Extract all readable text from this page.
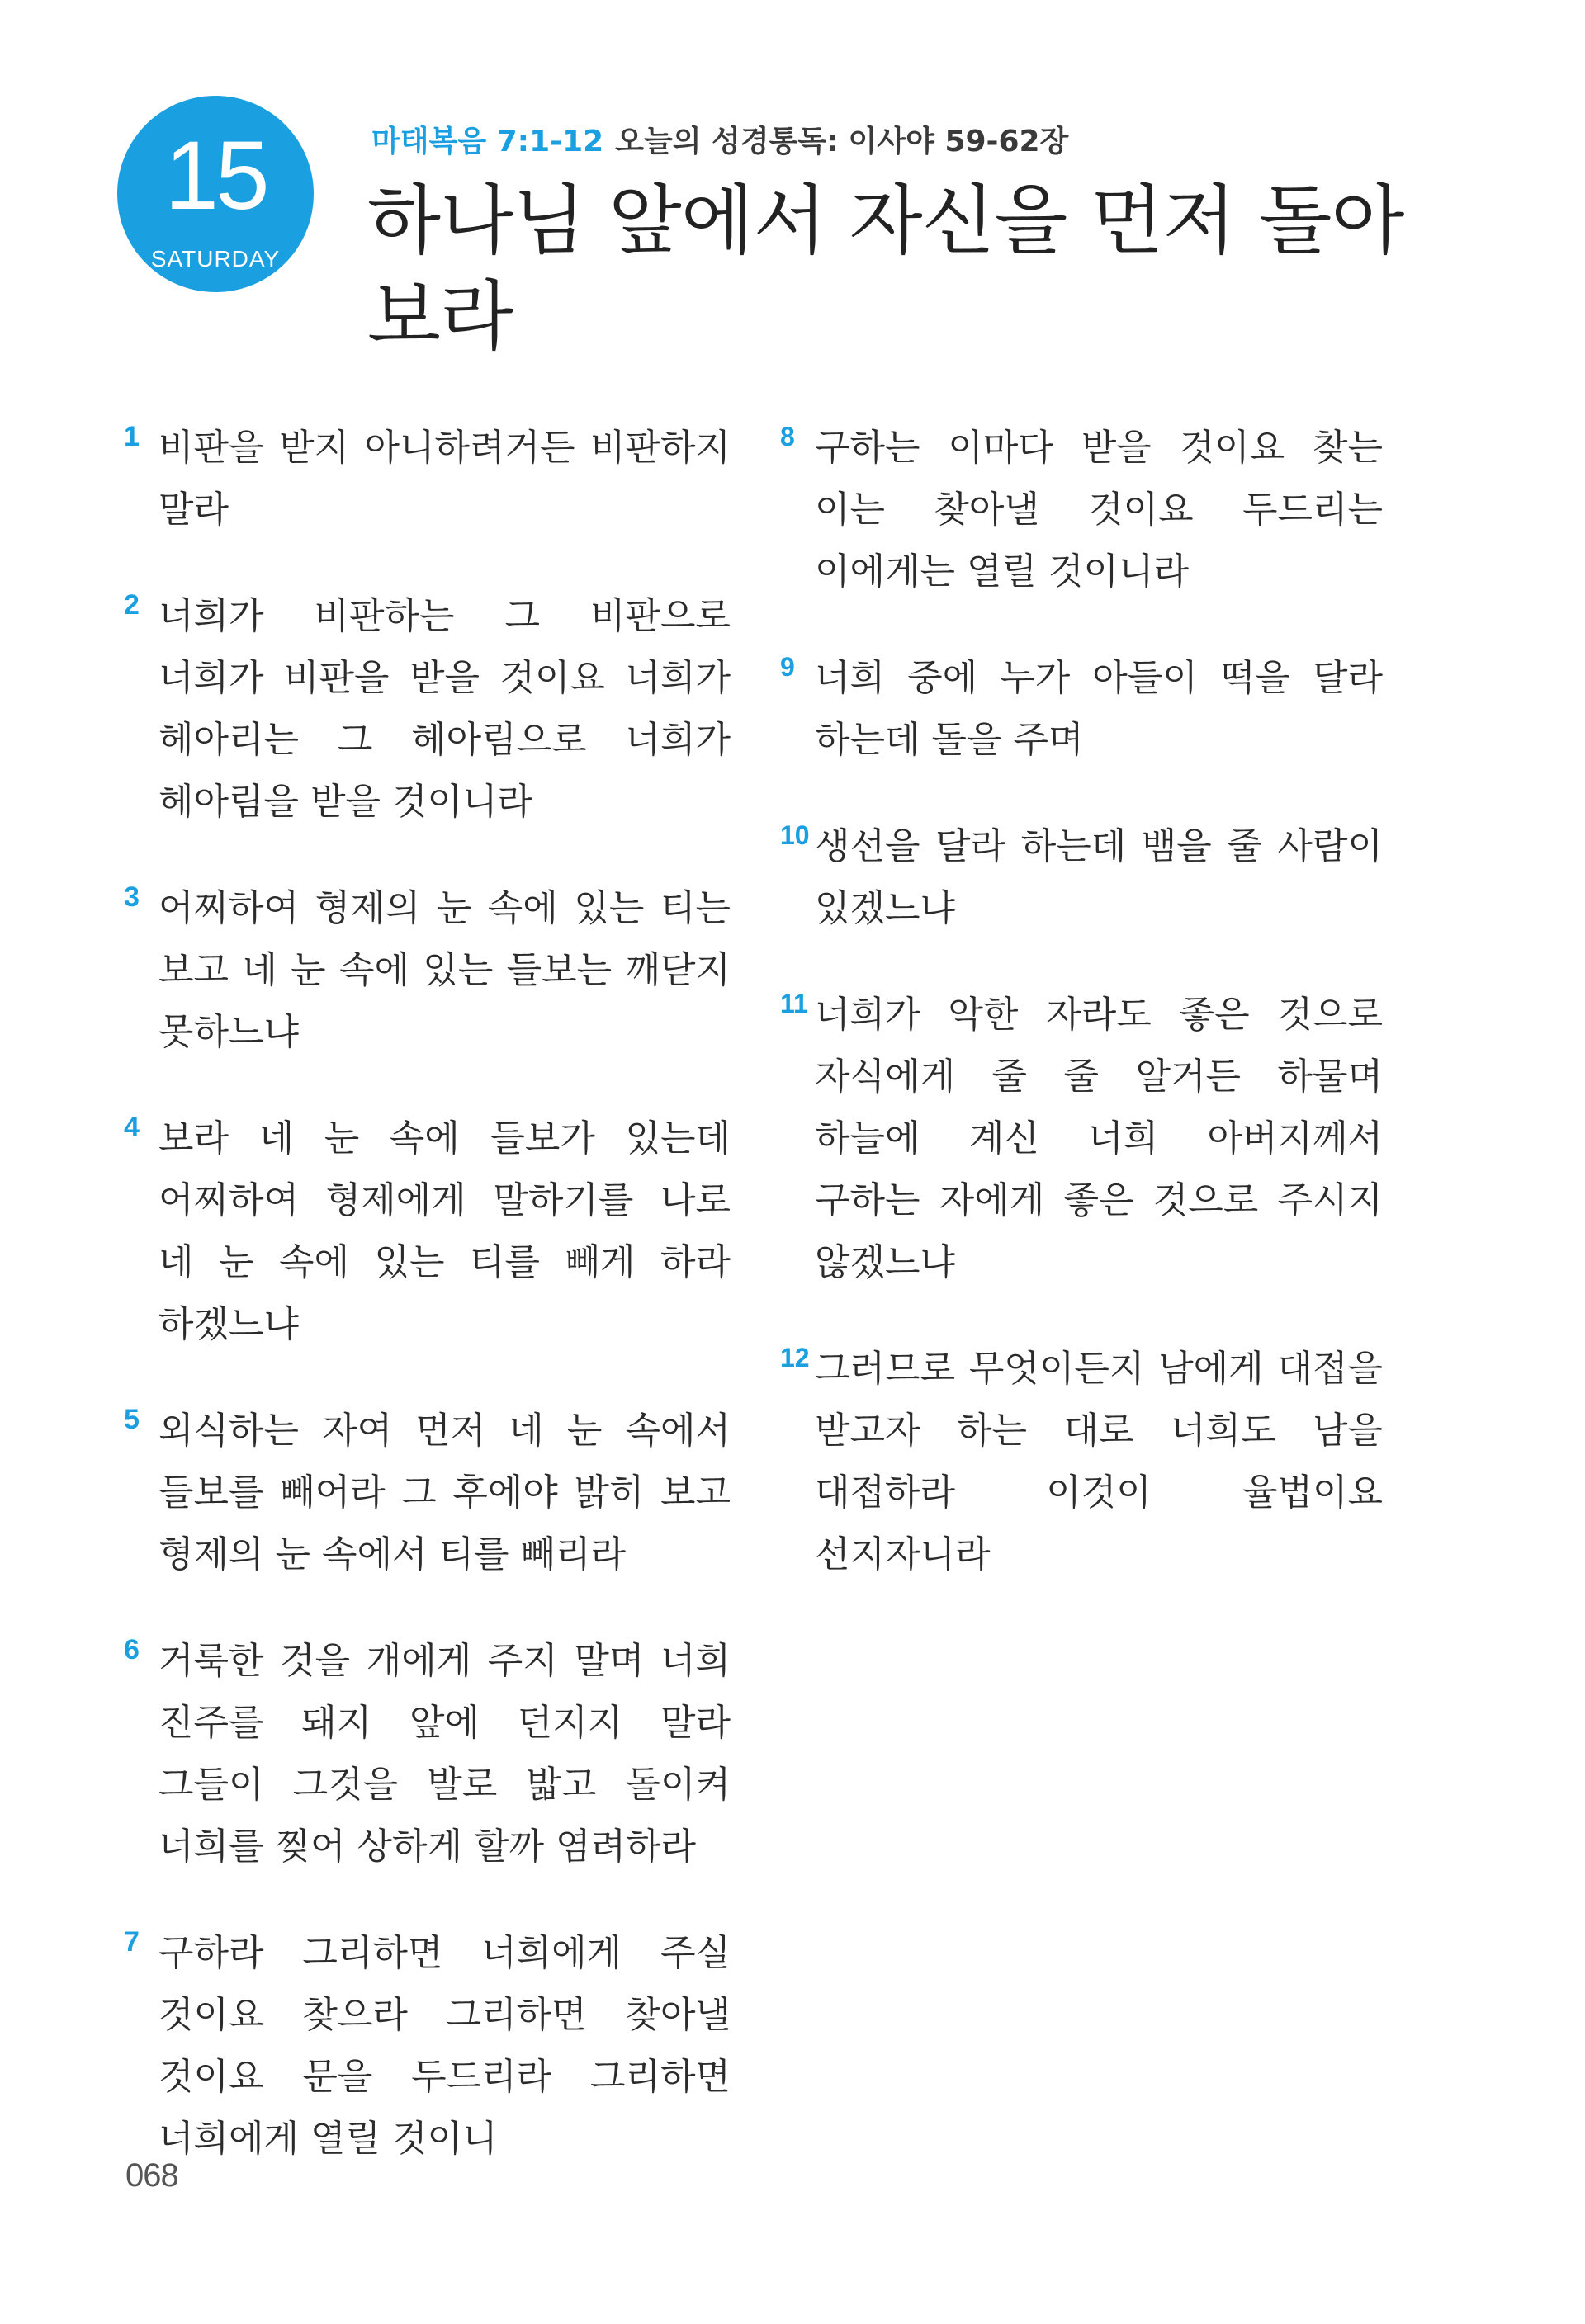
15
SATURDAY
마태복음 7:1-12 오늘의 성경통독: 이사야 59-62장
하나님 앞에서 자신을 먼저 돌아보라
1 비판을 받지 아니하려거든 비판하지 말라
2 너희가 비판하는 그 비판으로 너희가 비판을 받을 것이요 너희가 헤아리는 그 헤아림으로 너희가 헤아림을 받을 것이니라
3 어찌하여 형제의 눈 속에 있는 티는 보고 네 눈 속에 있는 들보는 깨닫지 못하느냐
4 보라 네 눈 속에 들보가 있는데 어찌하여 형제에게 말하기를 나로 네 눈 속에 있는 티를 빼게 하라 하겠느냐
5 외식하는 자여 먼저 네 눈 속에서 들보를 빼어라 그 후에야 밝히 보고 형제의 눈 속에서 티를 빼리라
6 거룩한 것을 개에게 주지 말며 너희 진주를 돼지 앞에 던지지 말라 그들이 그것을 발로 밟고 돌이켜 너희를 찢어 상하게 할까 염려하라
7 구하라 그리하면 너희에게 주실 것이요 찾으라 그리하면 찾아낼 것이요 문을 두드리라 그리하면 너희에게 열릴 것이니
8 구하는 이마다 받을 것이요 찾는 이는 찾아낼 것이요 두드리는 이에게는 열릴 것이니라
9 너희 중에 누가 아들이 떡을 달라 하는데 돌을 주며
10 생선을 달라 하는데 뱀을 줄 사람이 있겠느냐
11 너희가 악한 자라도 좋은 것으로 자식에게 줄 줄 알거든 하물며 하늘에 계신 너희 아버지께서 구하는 자에게 좋은 것으로 주시지 않겠느냐
12 그러므로 무엇이든지 남에게 대접을 받고자 하는 대로 너희도 남을 대접하라 이것이 율법이요 선지자니라
068
